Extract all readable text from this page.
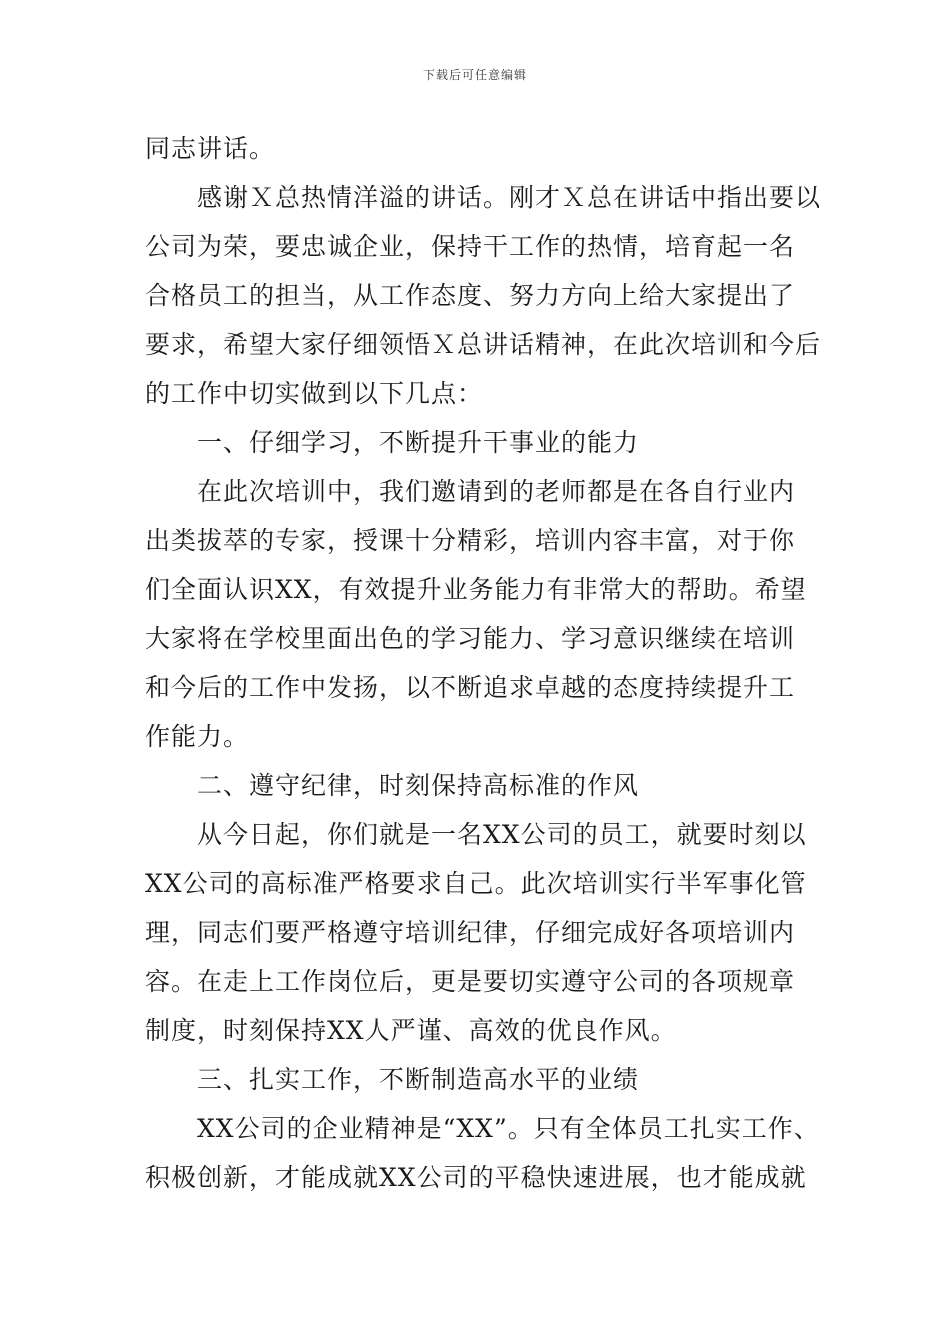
下载后可任意编辑

同志讲话。

感谢Ｘ总热情洋溢的讲话。刚才Ｘ总在讲话中指出要以

公司为荣，要忠诚企业，保持干工作的热情，培育起一名

合格员工的担当，从工作态度、努力方向上给大家提出了

要求，希望大家仔细领悟Ｘ总讲话精神，在此次培训和今后

的工作中切实做到以下几点：

一、仔细学习，不断提升干事业的能力

在此次培训中，我们邀请到的老师都是在各自行业内

出类拔萃的专家，授课十分精彩，培训内容丰富，对于你

们全面认识XX，有效提升业务能力有非常大的帮助。希望

大家将在学校里面出色的学习能力、学习意识继续在培训

和今后的工作中发扬，以不断追求卓越的态度持续提升工

作能力。

二、遵守纪律，时刻保持高标准的作风

从今日起，你们就是一名XX公司的员工，就要时刻以

XX公司的高标准严格要求自己。此次培训实行半军事化管

理，同志们要严格遵守培训纪律，仔细完成好各项培训内

容。在走上工作岗位后，更是要切实遵守公司的各项规章

制度，时刻保持XX人严谨、高效的优良作风。

三、扎实工作，不断制造高水平的业绩

XX公司的企业精神是“XX”。只有全体员工扎实工作、

积极创新，才能成就XX公司的平稳快速进展，也才能成就
